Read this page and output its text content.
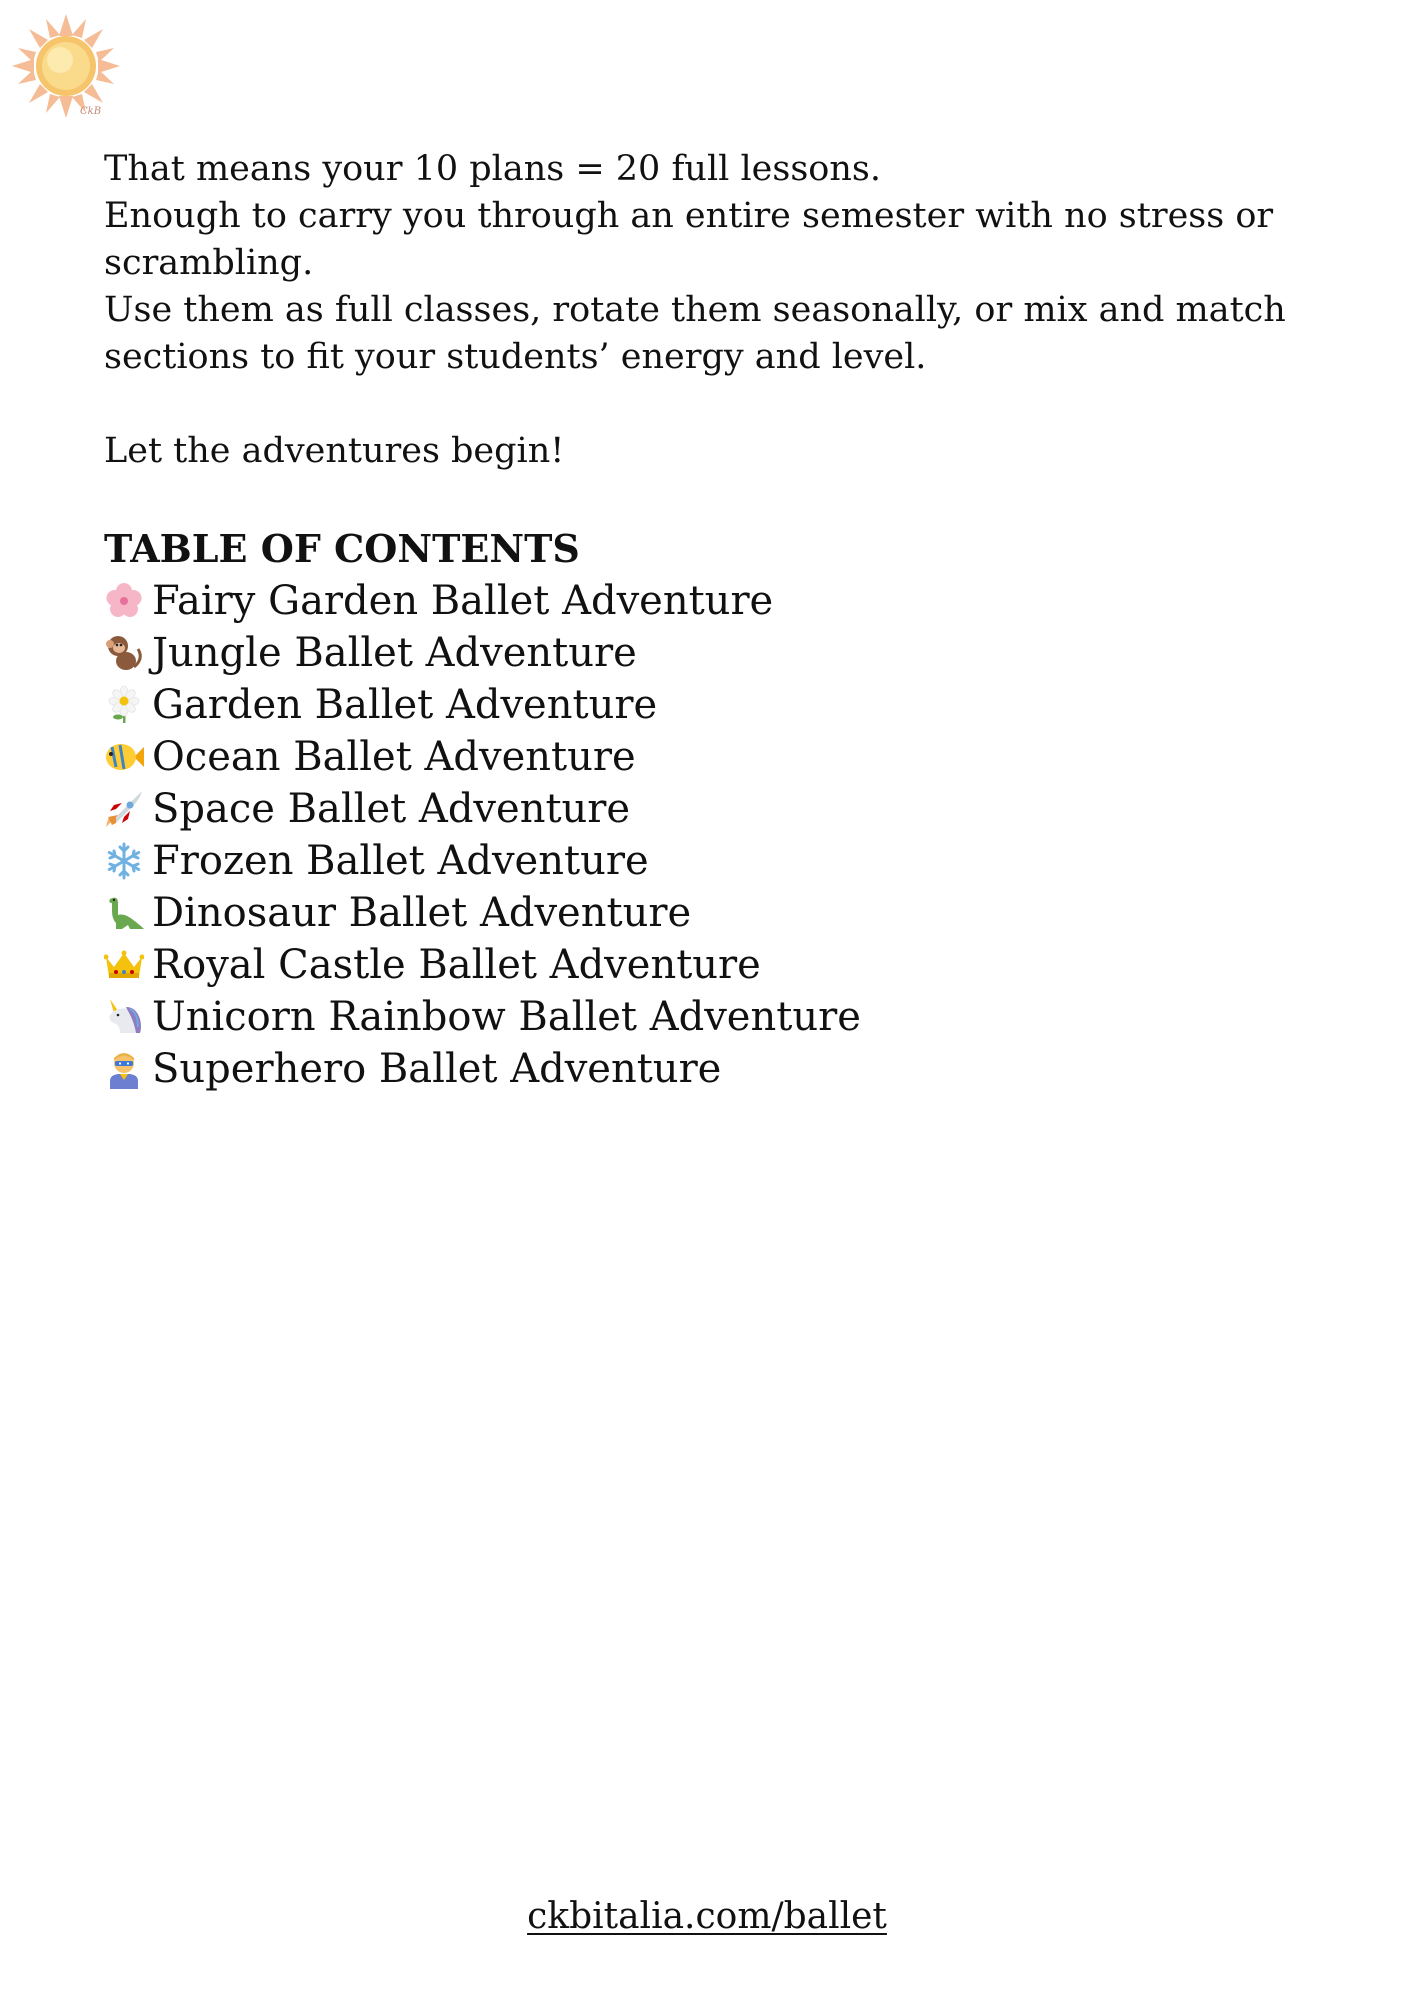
CkB

That means your 10 plans = 20 full lessons.

Enough to carry you through an entire semester with no stress or scrambling.

Use them as full classes, rotate them seasonally, or mix and match sections to fit your students’ energy and level.

Let the adventures begin!

TABLE OF CONTENTS
Fairy Garden Ballet Adventure
Jungle Ballet Adventure
Garden Ballet Adventure
Ocean Ballet Adventure
Space Ballet Adventure
Frozen Ballet Adventure
Dinosaur Ballet Adventure
Royal Castle Ballet Adventure
Unicorn Rainbow Ballet Adventure
Superhero Ballet Adventure
ckbitalia.com/ballet
